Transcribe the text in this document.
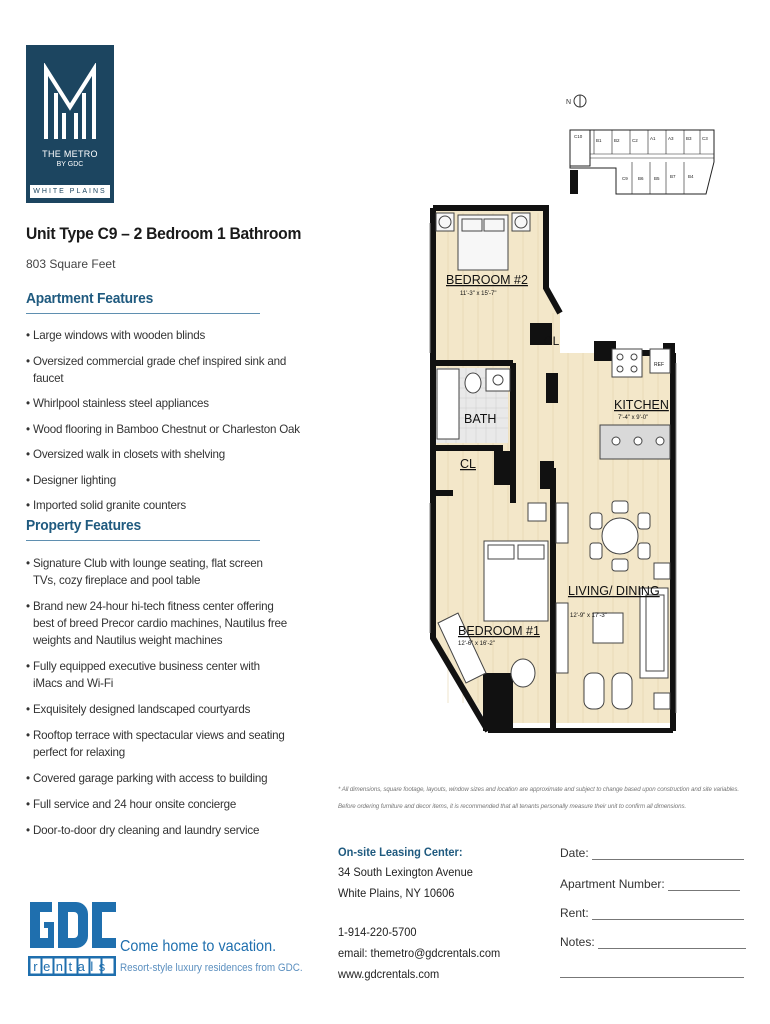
THE METRO
BY GDC
WHITE PLAINS
Unit Type C9 – 2 Bedroom 1 Bathroom
803 Square Feet
Apartment Features
• Large windows with wooden blinds
• Oversized commercial grade chef inspired sink and faucet
• Whirlpool stainless steel appliances
• Wood flooring in Bamboo Chestnut or Charleston Oak
• Oversized walk in closets with shelving
• Designer lighting
• Imported solid granite counters
Property Features
• Signature Club with lounge seating, flat screen TVs, cozy fireplace and pool table
• Brand new 24-hour hi-tech fitness center offering best of breed Precor cardio machines, Nautilus free weights and Nautilus weight machines
• Fully equipped executive business center with iMacs and Wi-Fi
• Exquisitely designed landscaped courtyards
• Rooftop terrace with spectacular views and seating perfect for relaxing
• Covered garage parking with access to building
• Full service and 24 hour onsite concierge
• Door-to-door dry cleaning and laundry service
N
C10
B1	B2	C2	A1	A3	B3 C3
C9 B6 B5 B7	B4
BEDROOM #2
11'-3" x 15'-7"
CL
BATH
CL
KITCHEN
7'-4" x 9'-0"
REF
LIVING/ DINING
12'-9" x 17'-3"
BEDROOM #1
12'-6" x 16'-2"
* All dimensions, square footage, layouts, window sizes and location are approximate and subject to change based upon construction and site variables.
Before ordering furniture and decor items, it is recommended that all tenants personally measure their unit to confirm all dimensions.
On-site Leasing Center:
34 South Lexington Avenue
White Plains, NY 10606
1-914-220-5700
email: themetro@gdcrentals.com
www.gdcrentals.com
Date:
Apartment Number:
Rent:
Notes:
rentals
Come home to vacation.
Resort-style luxury residences from GDC.
